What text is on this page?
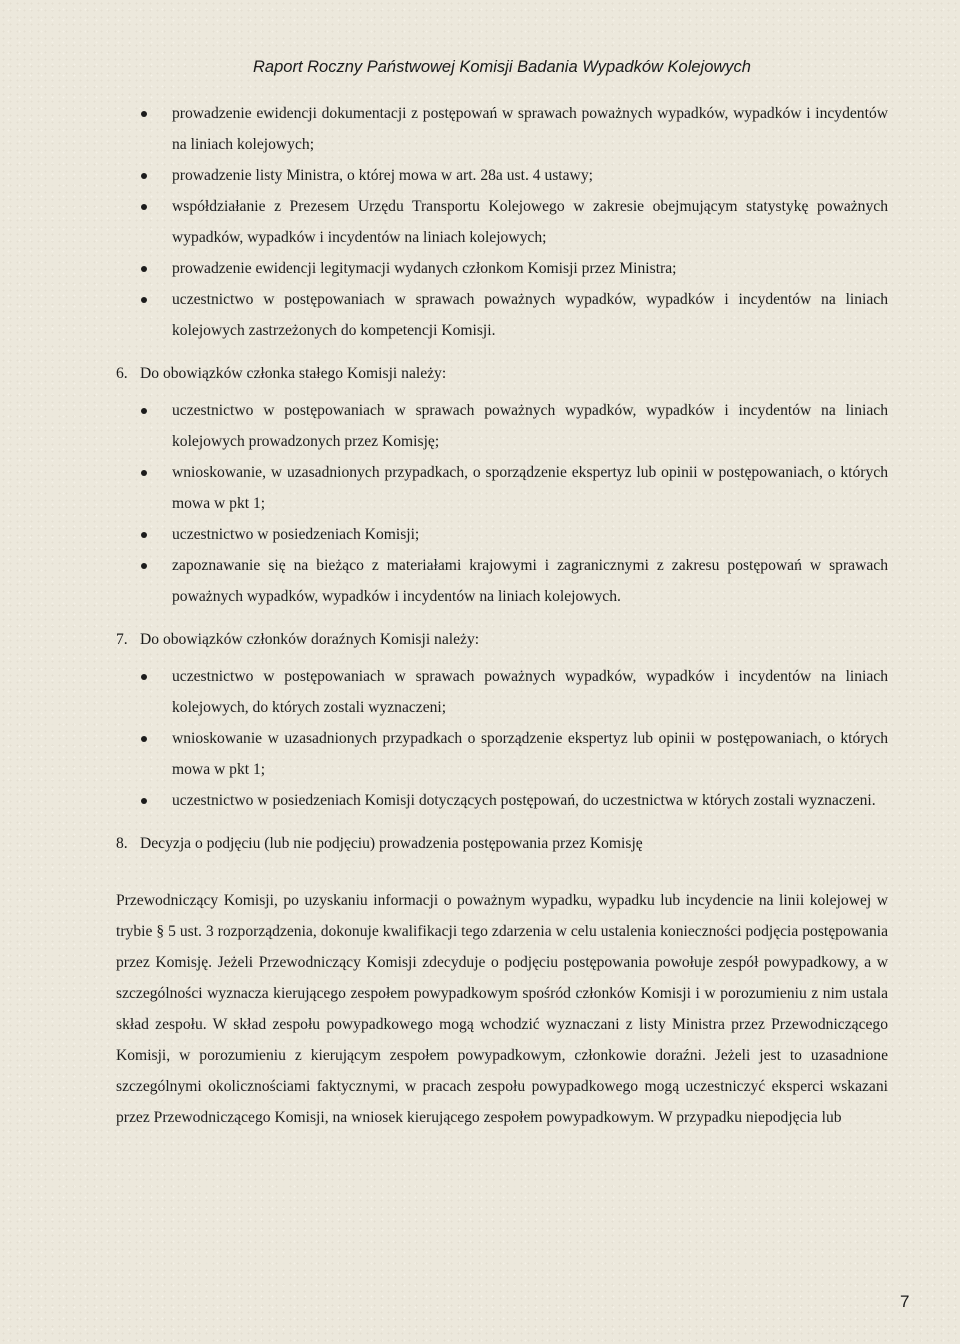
Raport Roczny Państwowej Komisji Badania Wypadków Kolejowych
prowadzenie ewidencji dokumentacji z postępowań w sprawach poważnych wypadków, wypadków i incydentów na liniach kolejowych;
prowadzenie listy Ministra, o której mowa w art. 28a ust. 4 ustawy;
współdziałanie z Prezesem Urzędu Transportu Kolejowego w zakresie obejmującym statystykę poważnych wypadków, wypadków i incydentów na liniach kolejowych;
prowadzenie ewidencji legitymacji wydanych członkom Komisji przez Ministra;
uczestnictwo w postępowaniach w sprawach poważnych wypadków, wypadków i incydentów na liniach kolejowych zastrzeżonych do kompetencji Komisji.
6. Do obowiązków członka stałego Komisji należy:
uczestnictwo w postępowaniach w sprawach poważnych wypadków, wypadków i incydentów na liniach kolejowych prowadzonych przez Komisję;
wnioskowanie, w uzasadnionych przypadkach, o sporządzenie ekspertyz lub opinii w postępowaniach, o których mowa w pkt 1;
uczestnictwo w posiedzeniach Komisji;
zapoznawanie się na bieżąco z materiałami krajowymi i zagranicznymi z zakresu postępowań w sprawach poważnych wypadków, wypadków i incydentów na liniach kolejowych.
7. Do obowiązków członków doraźnych Komisji należy:
uczestnictwo w postępowaniach w sprawach poważnych wypadków, wypadków i incydentów na liniach kolejowych, do których zostali wyznaczeni;
wnioskowanie w uzasadnionych przypadkach o sporządzenie ekspertyz lub opinii w postępowaniach, o których mowa w pkt 1;
uczestnictwo w posiedzeniach Komisji dotyczących postępowań, do uczestnictwa w których zostali wyznaczeni.
8. Decyzja o podjęciu (lub nie podjęciu) prowadzenia postępowania przez Komisję

Przewodniczący Komisji, po uzyskaniu informacji o poważnym wypadku, wypadku lub incydencie na linii kolejowej w trybie § 5 ust. 3 rozporządzenia, dokonuje kwalifikacji tego zdarzenia w celu ustalenia konieczności podjęcia postępowania przez Komisję. Jeżeli Przewodniczący Komisji zdecyduje o podjęciu postępowania powołuje zespół powypadkowy, a w szczególności wyznacza kierującego zespołem powypadkowym spośród członków Komisji i w porozumieniu z nim ustala skład zespołu. W skład zespołu powypadkowego mogą wchodzić wyznaczani z listy Ministra przez Przewodniczącego Komisji, w porozumieniu z kierującym zespołem powypadkowym, członkowie doraźni. Jeżeli jest to uzasadnione szczególnymi okolicznościami faktycznymi, w pracach zespołu powypadkowego mogą uczestniczyć eksperci wskazani przez Przewodniczącego Komisji, na wniosek kierującego zespołem powypadkowym. W przypadku niepodjęcia lub

7
